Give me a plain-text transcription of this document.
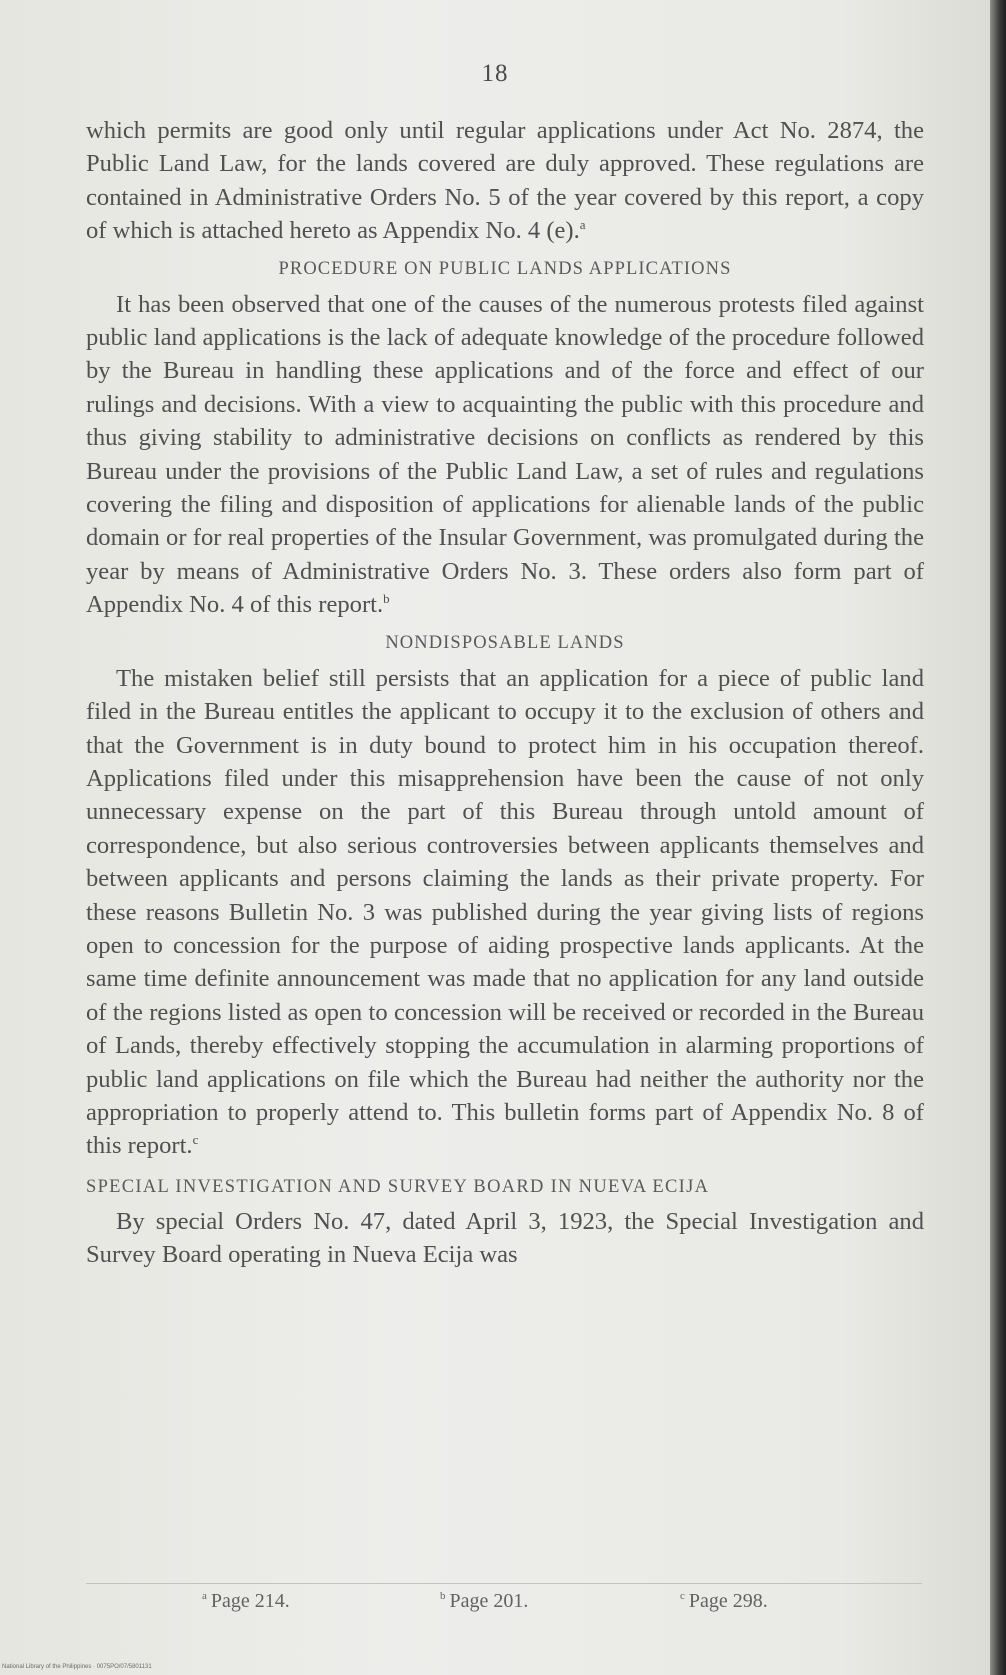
18

which permits are good only until regular applications under Act No. 2874, the Public Land Law, for the lands covered are duly approved. These regulations are contained in Administrative Orders No. 5 of the year covered by this report, a copy of which is attached hereto as Appendix No. 4 (e).$^a$

PROCEDURE ON PUBLIC LANDS APPLICATIONS

It has been observed that one of the causes of the numerous protests filed against public land applications is the lack of adequate knowledge of the procedure followed by the Bureau in handling these applications and of the force and effect of our rulings and decisions. With a view to acquainting the public with this procedure and thus giving stability to administrative decisions on conflicts as rendered by this Bureau under the provisions of the Public Land Law, a set of rules and regulations covering the filing and disposition of applications for alienable lands of the public domain or for real properties of the Insular Government, was promulgated during the year by means of Administrative Orders No. 3. These orders also form part of Appendix No. 4 of this report.$^b$

NONDISPOSABLE LANDS

The mistaken belief still persists that an application for a piece of public land filed in the Bureau entitles the applicant to occupy it to the exclusion of others and that the Government is in duty bound to protect him in his occupation thereof. Applications filed under this misapprehension have been the cause of not only unnecessary expense on the part of this Bureau through untold amount of correspondence, but also serious controversies between applicants themselves and between applicants and persons claiming the lands as their private property. For these reasons Bulletin No. 3 was published during the year giving lists of regions open to concession for the purpose of aiding prospective lands applicants. At the same time definite announcement was made that no application for any land outside of the regions listed as open to concession will be received or recorded in the Bureau of Lands, thereby effectively stopping the accumulation in alarming proportions of public land applications on file which the Bureau had neither the authority nor the appropriation to properly attend to. This bulletin forms part of Appendix No. 8 of this report.$^c$

SPECIAL INVESTIGATION AND SURVEY BOARD IN NUEVA ECIJA

By special Orders No. 47, dated April 3, 1923, the Special Investigation and Survey Board operating in Nueva Ecija was

$^a$ Page 214.	$^b$ Page 201.	$^c$ Page 298.
National Library of the Philippines · 0075PO/07/5801131
